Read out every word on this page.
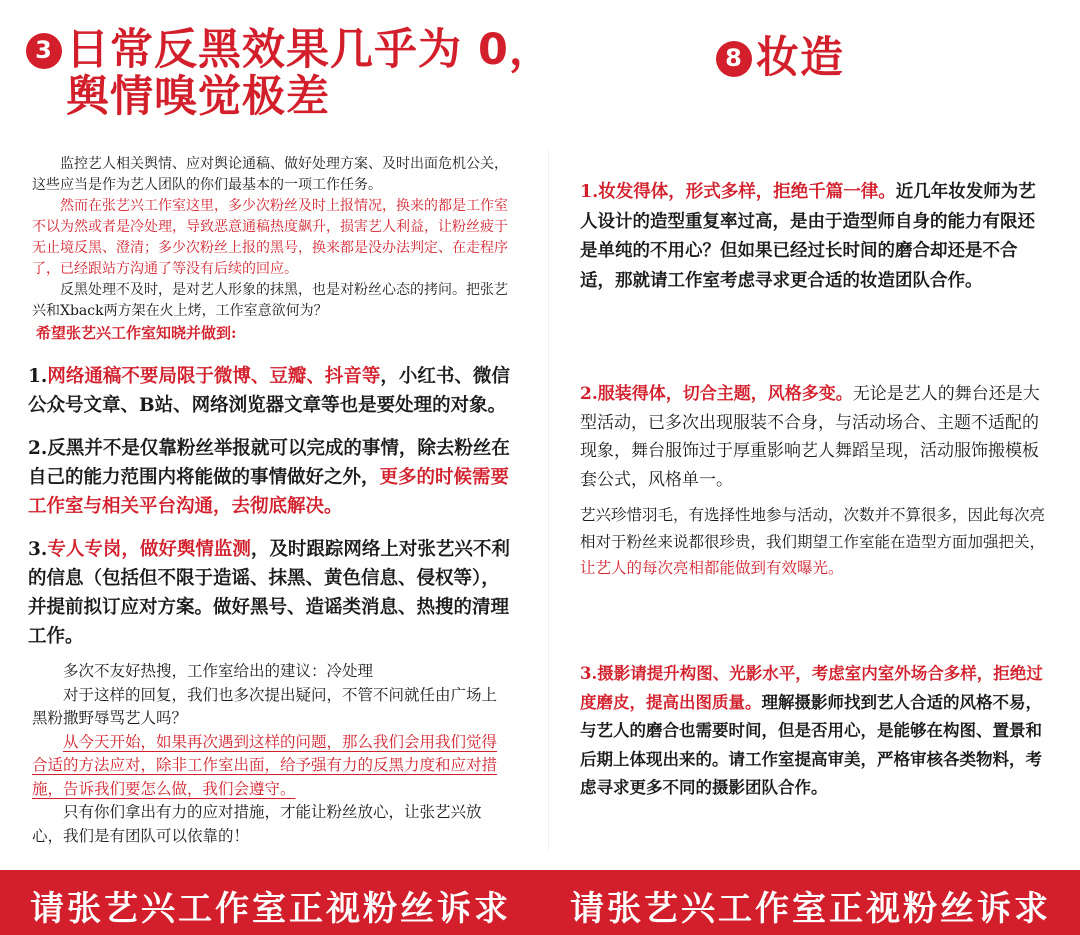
3 日常反黑效果几乎为 0，
舆情嗅觉极差

监控艺人相关舆情、应对舆论通稿、做好处理方案、及时出面危机公关，这些应当是作为艺人团队的你们最基本的一项工作任务。

然而在张艺兴工作室这里，多少次粉丝及时上报情况，换来的都是工作室不以为然或者是冷处理，导致恶意通稿热度飙升，损害艺人利益，让粉丝疲于无止境反黑、澄清；多少次粉丝上报的黑号，换来都是没办法判定、在走程序了，已经跟站方沟通了等没有后续的回应。

反黑处理不及时，是对艺人形象的抹黑，也是对粉丝心态的拷问。把张艺兴和Xback两方架在火上烤，工作室意欲何为？

希望张艺兴工作室知晓并做到:

1.网络通稿不要局限于微博、豆瓣、抖音等，小红书、微信公众号文章、B站、网络浏览器文章等也是要处理的对象。

2.反黑并不是仅靠粉丝举报就可以完成的事情，除去粉丝在自己的能力范围内将能做的事情做好之外，更多的时候需要工作室与相关平台沟通，去彻底解决。

3.专人专岗，做好舆情监测，及时跟踪网络上对张艺兴不利的信息（包括但不限于造谣、抹黑、黄色信息、侵权等），并提前拟订应对方案。做好黑号、造谣类消息、热搜的清理工作。

多次不友好热搜，工作室给出的建议：冷处理

对于这样的回复，我们也多次提出疑问，不管不问就任由广场上黑粉撒野辱骂艺人吗？

从今天开始，如果再次遇到这样的问题，那么我们会用我们觉得合适的方法应对，除非工作室出面，给予强有力的反黑力度和应对措施，告诉我们要怎么做，我们会遵守。

只有你们拿出有力的应对措施，才能让粉丝放心，让张艺兴放心，我们是有团队可以依靠的！

8 妆造

1.妆发得体，形式多样，拒绝千篇一律。近几年妆发师为艺人设计的造型重复率过高，是由于造型师自身的能力有限还是单纯的不用心？但如果已经过长时间的磨合却还是不合适，那就请工作室考虑寻求更合适的妆造团队合作。

2.服装得体，切合主题，风格多变。无论是艺人的舞台还是大型活动，已多次出现服装不合身，与活动场合、主题不适配的现象，舞台服饰过于厚重影响艺人舞蹈呈现，活动服饰搬模板套公式，风格单一。

艺兴珍惜羽毛，有选择性地参与活动，次数并不算很多，因此每次亮相对于粉丝来说都很珍贵，我们期望工作室能在造型方面加强把关，让艺人的每次亮相都能做到有效曝光。

3.摄影请提升构图、光影水平，考虑室内室外场合多样，拒绝过度磨皮，提高出图质量。理解摄影师找到艺人合适的风格不易，与艺人的磨合也需要时间，但是否用心，是能够在构图、置景和后期上体现出来的。请工作室提高审美，严格审核各类物料，考虑寻求更多不同的摄影团队合作。

请张艺兴工作室正视粉丝诉求 请张艺兴工作室正视粉丝诉求
